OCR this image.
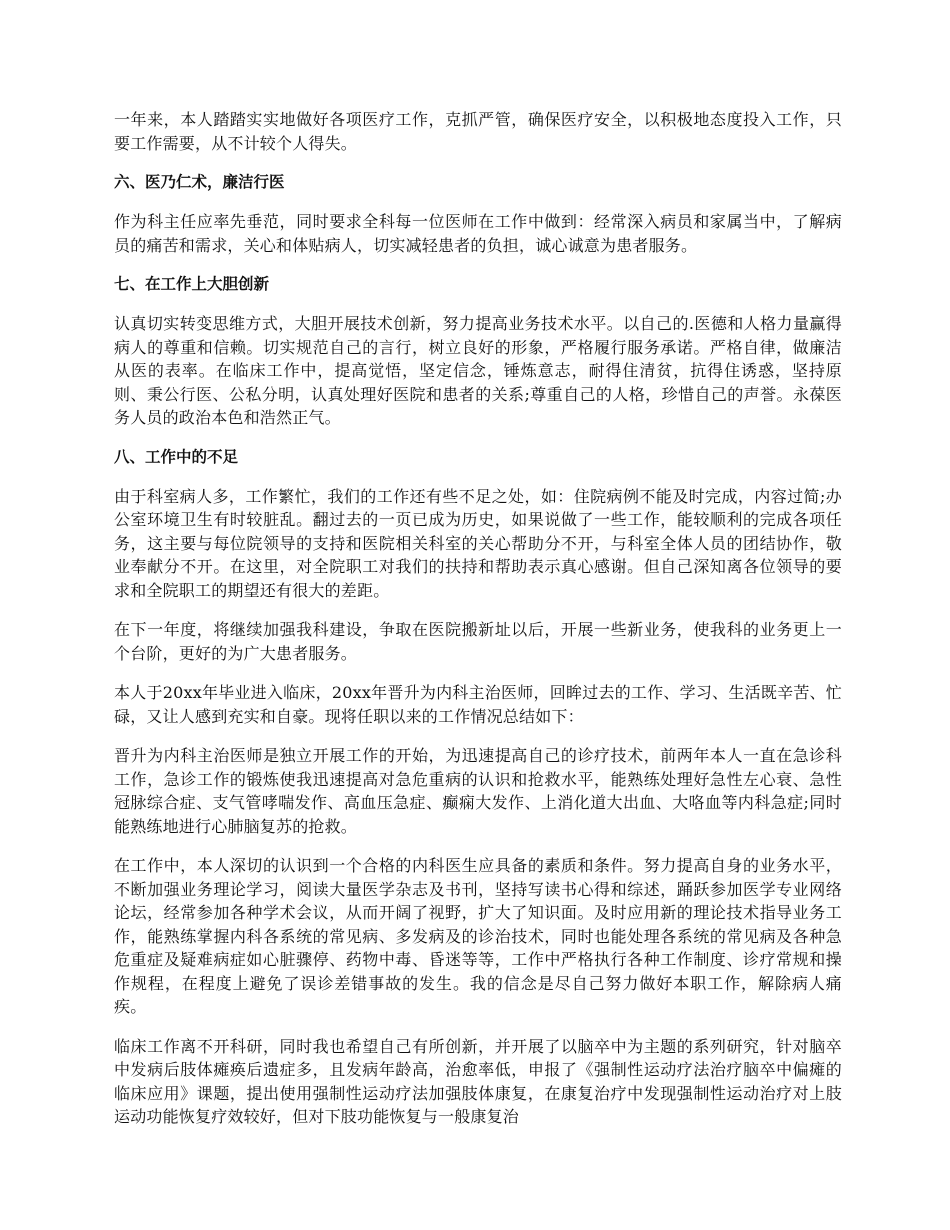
一年来，本人踏踏实实地做好各项医疗工作，克抓严管，确保医疗安全，以积极地态度投入工作，只要工作需要，从不计较个人得失。

六、医乃仁术，廉洁行医

作为科主任应率先垂范，同时要求全科每一位医师在工作中做到：经常深入病员和家属当中，了解病员的痛苦和需求，关心和体贴病人，切实减轻患者的负担，诚心诚意为患者服务。

七、在工作上大胆创新

认真切实转变思维方式，大胆开展技术创新，努力提高业务技术水平。以自己的.医德和人格力量赢得病人的尊重和信赖。切实规范自己的言行，树立良好的形象，严格履行服务承诺。严格自律，做廉洁从医的表率。在临床工作中，提高觉悟，坚定信念，锤炼意志，耐得住清贫，抗得住诱惑，坚持原则、秉公行医、公私分明，认真处理好医院和患者的关系;尊重自己的人格，珍惜自己的声誉。永葆医务人员的政治本色和浩然正气。

八、工作中的不足

由于科室病人多，工作繁忙，我们的工作还有些不足之处，如：住院病例不能及时完成，内容过简;办公室环境卫生有时较脏乱。翻过去的一页已成为历史，如果说做了一些工作，能较顺利的完成各项任务，这主要与每位院领导的支持和医院相关科室的关心帮助分不开，与科室全体人员的团结协作，敬业奉献分不开。在这里，对全院职工对我们的扶持和帮助表示真心感谢。但自己深知离各位领导的要求和全院职工的期望还有很大的差距。

在下一年度，将继续加强我科建设，争取在医院搬新址以后，开展一些新业务，使我科的业务更上一个台阶，更好的为广大患者服务。

本人于20xx年毕业进入临床，20xx年晋升为内科主治医师，回眸过去的工作、学习、生活既辛苦、忙碌，又让人感到充实和自豪。现将任职以来的工作情况总结如下：

晋升为内科主治医师是独立开展工作的开始，为迅速提高自己的诊疗技术，前两年本人一直在急诊科工作，急诊工作的锻炼使我迅速提高对急危重病的认识和抢救水平，能熟练处理好急性左心衰、急性冠脉综合症、支气管哮喘发作、高血压急症、癫痫大发作、上消化道大出血、大咯血等内科急症;同时能熟练地进行心肺脑复苏的抢救。

在工作中，本人深切的认识到一个合格的内科医生应具备的素质和条件。努力提高自身的业务水平，不断加强业务理论学习，阅读大量医学杂志及书刊，坚持写读书心得和综述，踊跃参加医学专业网络论坛，经常参加各种学术会议，从而开阔了视野，扩大了知识面。及时应用新的理论技术指导业务工作，能熟练掌握内科各系统的常见病、多发病及的诊治技术，同时也能处理各系统的常见病及各种急危重症及疑难病症如心脏骤停、药物中毒、昏迷等等，工作中严格执行各种工作制度、诊疗常规和操作规程，在程度上避免了误诊差错事故的发生。我的信念是尽自己努力做好本职工作，解除病人痛疾。

临床工作离不开科研，同时我也希望自己有所创新，并开展了以脑卒中为主题的系列研究，针对脑卒中发病后肢体瘫痪后遗症多，且发病年龄高，治愈率低，申报了《强制性运动疗法治疗脑卒中偏瘫的临床应用》课题，提出使用强制性运动疗法加强肢体康复，在康复治疗中发现强制性运动治疗对上肢运动功能恢复疗效较好，但对下肢功能恢复与一般康复治
